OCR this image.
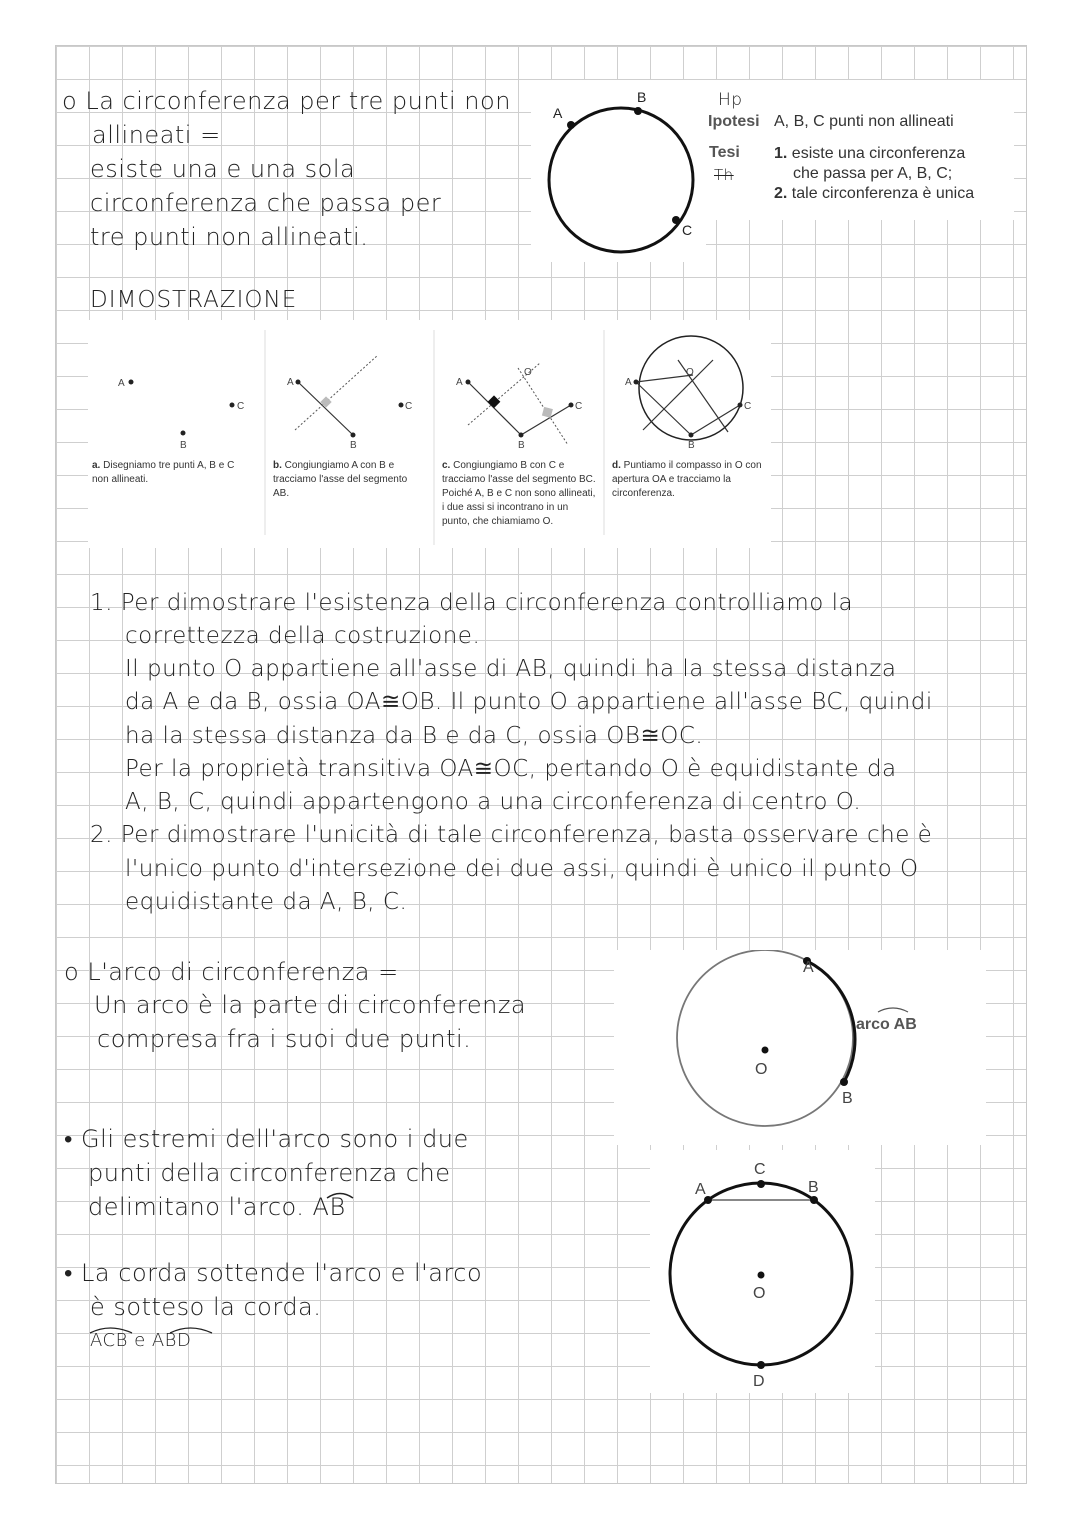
o La circonferenza per tre punti non
allineati =
esiste una e una sola
circonferenza che passa per
tre punti non allineati.
A
B
C
Hp
Ipotesi A, B, C punti non allineati
Tesi
Th
1. esiste una circonferenza
che passa per A, B, C;
2. tale circonferenza è unica
DIMOSTRAZIONE
A
C
B
A
B
C
A
B
C
O
A
B
C
O
a. Disegniamo tre punti A, B e C non allineati.
b. Congiungiamo A con B e tracciamo l'asse del segmento AB.
c. Congiungiamo B con C e tracciamo l'asse del segmento BC. Poiché A, B e C non sono allineati, i due assi si incontrano in un punto, che chiamiamo O.
d. Puntiamo il compasso in O con apertura OA e tracciamo la circonferenza.
1. Per dimostrare l'esistenza della circonferenza controlliamo la
correttezza della costruzione.
Il punto O appartiene all'asse di AB, quindi ha la stessa distanza
da A e da B, ossia OA≅OB. Il punto O appartiene all'asse BC, quindi
ha la stessa distanza da B e da C, ossia OB≅OC.
Per la proprietà transitiva OA≅OC, pertando O è equidistante da
A, B, C, quindi appartengono a una circonferenza di centro O.
2. Per dimostrare l'unicità di tale circonferenza, basta osservare che è
l'unico punto d'intersezione dei due assi, quindi è unico il punto O
equidistante da A, B, C.
o L'arco di circonferenza =
Un arco è la parte di circonferenza
compresa fra i suoi due punti.
A
B
O
arco AB
• Gli estremi dell'arco sono i due
punti della circonferenza che
delimitano l'arco. AB
• La corda sottende l'arco e l'arco
è sotteso la corda.
ACB e ABD
A	B
C
D
O
